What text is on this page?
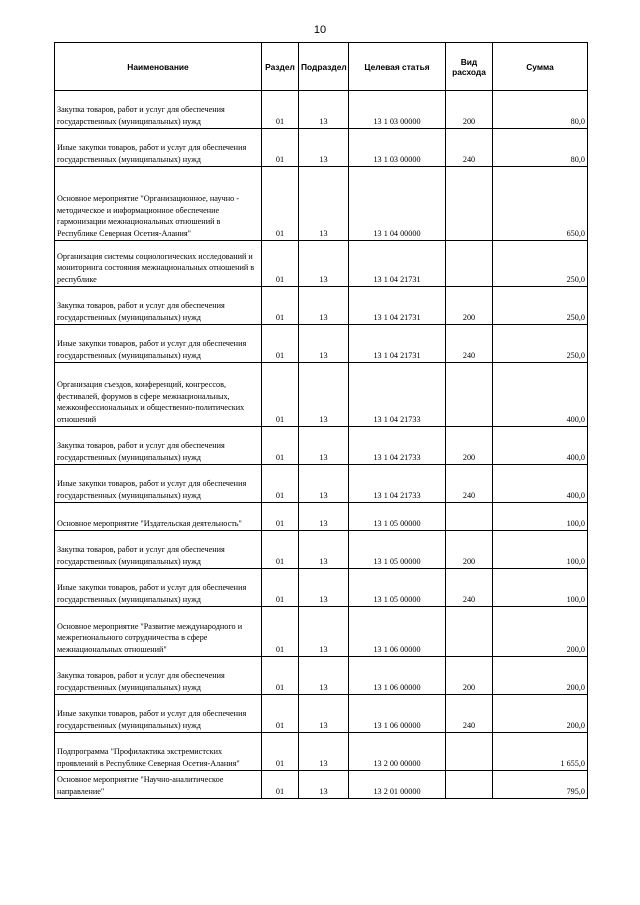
10
Наименование	Раздел	Подраздел	Целевая статья	Вид расхода	Сумма
Закупка товаров, работ и услуг для обеспечения государственных (муниципальных) нужд	01	13	13 1 03 00000	200	80,0
Иные закупки товаров, работ и услуг для обеспечения государственных (муниципальных) нужд	01	13	13 1 03 00000	240	80,0
Основное мероприятие "Организационное, научно - методическое и информационное обеспечение гармонизации межнациональных отношений в Республике Северная Осетия-Алания"	01	13	13 1 04 00000		650,0
Организация системы социологических исследований и мониторинга состояния межнациональных отношений в республике	01	13	13 1 04 21731		250,0
Закупка товаров, работ и услуг для обеспечения государственных (муниципальных) нужд	01	13	13 1 04 21731	200	250,0
Иные закупки товаров, работ и услуг для обеспечения государственных (муниципальных) нужд	01	13	13 1 04 21731	240	250,0
Организация съездов, конференций, конгрессов, фестивалей, форумов в сфере межнациональных, межконфессиональных и общественно-политических отношений	01	13	13 1 04 21733		400,0
Закупка товаров, работ и услуг для обеспечения государственных (муниципальных) нужд	01	13	13 1 04 21733	200	400,0
Иные закупки товаров, работ и услуг для обеспечения государственных (муниципальных) нужд	01	13	13 1 04 21733	240	400,0
Основное мероприятие "Издательская деятельность"	01	13	13 1 05 00000		100,0
Закупка товаров, работ и услуг для обеспечения государственных (муниципальных) нужд	01	13	13 1 05 00000	200	100,0
Иные закупки товаров, работ и услуг для обеспечения государственных (муниципальных) нужд	01	13	13 1 05 00000	240	100,0
Основное мероприятие "Развитие международного и межрегионального сотрудничества в сфере межнациональных отношений"	01	13	13 1 06 00000		200,0
Закупка товаров, работ и услуг для обеспечения государственных (муниципальных) нужд	01	13	13 1 06 00000	200	200,0
Иные закупки товаров, работ и услуг для обеспечения государственных (муниципальных) нужд	01	13	13 1 06 00000	240	200,0
Подпрограмма "Профилактика экстремистских проявлений в Республике Северная Осетия-Алания"	01	13	13 2 00 00000		1 655,0
Основное мероприятие "Научно-аналитическое направление"	01	13	13 2 01 00000		795,0
